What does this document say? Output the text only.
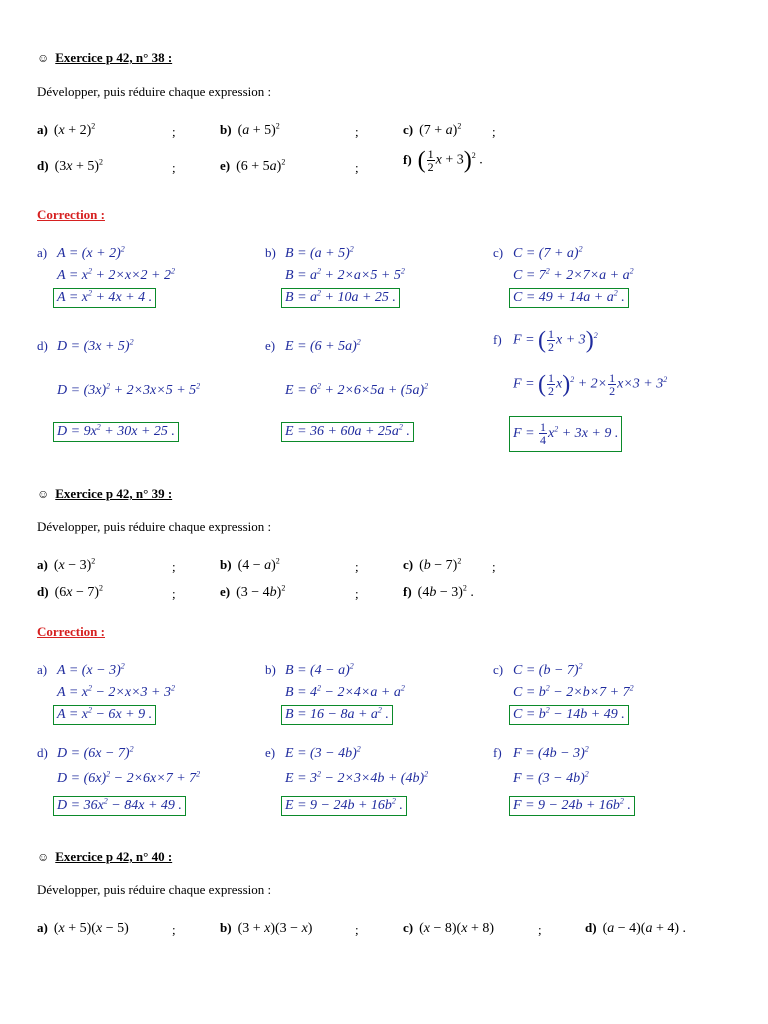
☺ Exercice p 42, n° 38 :
Développer, puis réduire chaque expression :
a) $(x + 2)^2$	;	b) $(a + 5)^2$	;	c) $(7 + a)^2$ ;
d) $(3x + 5)^2$	;	e) $(6 + 5a)^2$	;
f) ( $\frac{1}{2}$ x + 3)$^2$ .
Correction :
a) $A = (x + 2)^2$
$A = x^2 + 2\times x\times 2 + 2^2$
$A = x^2 + 4x + 4$ .
b) $B = (a + 5)^2$
$B = a^2 + 2\times a\times 5 + 5^2$
$B = a^2 + 10a + 25$ .
c) $C = (7 + a)^2$
$C = 7^2 + 2\times 7\times a + a^2$
$C = 49 + 14a + a^2$ .
d) $D = (3x + 5)^2$
$D = (3x)^2 + 2\times 3x\times 5 + 5^2$
$D = 9x^2 + 30x + 25$ .
e) $E = (6 + 5a)^2$
$E = 6^2 + 2\times 6\times 5a + (5a)^2$
$E = 36 + 60a + 25a^2$ .
f) F = ( $\frac{1}{2}$ x + 3)$^2$
F = ( $\frac{1}{2} x)^2 + 2\times \frac{1}{2} x\times 3 + 3^2$
$F = \frac{1}{4} x^2 + 3x + 9$ .
☺ Exercice p 42, n° 39 :
Développer, puis réduire chaque expression :
a) $(x - 3)^2$	;	b) $(4 - a)^2$	;	c) $(b - 7)^2$ ;
d) $(6x - 7)^2$	;	e) $(3 - 4b)^2$	;	f) $(4b - 3)^2$ .
Correction :
a) $A = (x - 3)^2$
$A = x^2 - 2\times x\times 3 + 3^2$
$A = x^2 - 6x + 9$ .
b) $B = (4 - a)^2$
$B = 4^2 - 2\times 4\times a + a^2$
$B = 16 - 8a + a^2$ .
c) $C = (b - 7)^2$
$C = b^2 - 2\times b\times 7 + 7^2$
$C = b^2 - 14b + 49$ .
d) $D = (6x - 7)^2$
$D = (6x)^2 - 2\times 6x\times 7 + 7^2$
$D = 36x^2 - 84x + 49$ .
e) $E = (3 - 4b)^2$
$E = 3^2 - 2\times 3\times 4b + (4b)^2$
$E = 9 - 24b + 16b^2$ .
f) $F = (4b - 3)^2$
$F = (3 - 4b)^2$
$F = 9 - 24b + 16b^2$ .
☺ Exercice p 42, n° 40 :
Développer, puis réduire chaque expression :
a) (x + 5)(x − 5)	;	b) (3 + x)(3 − x)	;	c) (x − 8)(x + 8)	;	d) (a − 4)(a + 4) .
